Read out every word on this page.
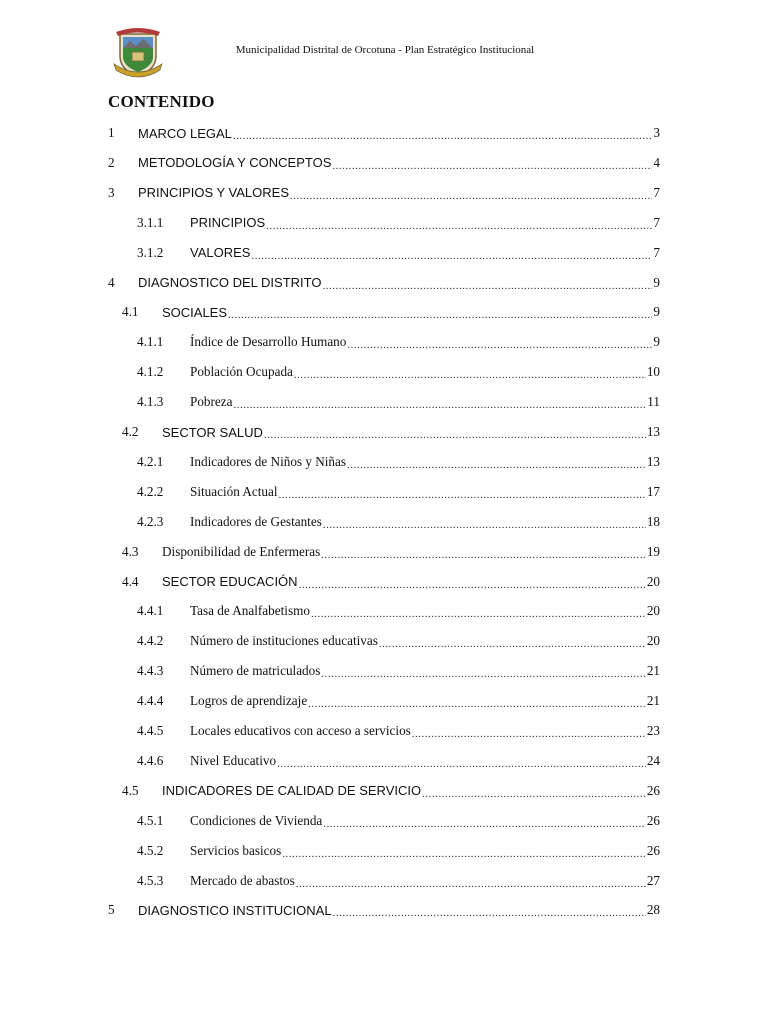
Municipalidad Distrital de Orcotuna - Plan Estratégico Institucional
CONTENIDO
1	MARCO LEGAL .....	3
2	METODOLOGÍA Y CONCEPTOS .....	4
3	PRINCIPIOS Y VALORES .....	7
3.1.1	PRINCIPIOS .....	7
3.1.2	VALORES .....	7
4	DIAGNOSTICO DEL DISTRITO .....	9
4.1	SOCIALES .....	9
4.1.1	Índice de Desarrollo Humano .....	9
4.1.2	Población Ocupada .....	10
4.1.3	Pobreza .....	11
4.2	SECTOR SALUD .....	13
4.2.1	Indicadores de Niños y Niñas .....	13
4.2.2	Situación Actual .....	17
4.2.3	Indicadores de Gestantes .....	18
4.3	Disponibilidad de Enfermeras .....	19
4.4	SECTOR EDUCACIÓN .....	20
4.4.1	Tasa de Analfabetismo .....	20
4.4.2	Número de instituciones educativas .....	20
4.4.3	Número de matriculados .....	21
4.4.4	Logros de aprendizaje .....	21
4.4.5	Locales educativos con acceso a servicios .....	23
4.4.6	Nivel Educativo .....	24
4.5	INDICADORES DE CALIDAD DE SERVICIO .....	26
4.5.1	Condiciones de Vivienda .....	26
4.5.2	Servicios basicos .....	26
4.5.3	Mercado de abastos .....	27
5	DIAGNOSTICO INSTITUCIONAL .....	28
